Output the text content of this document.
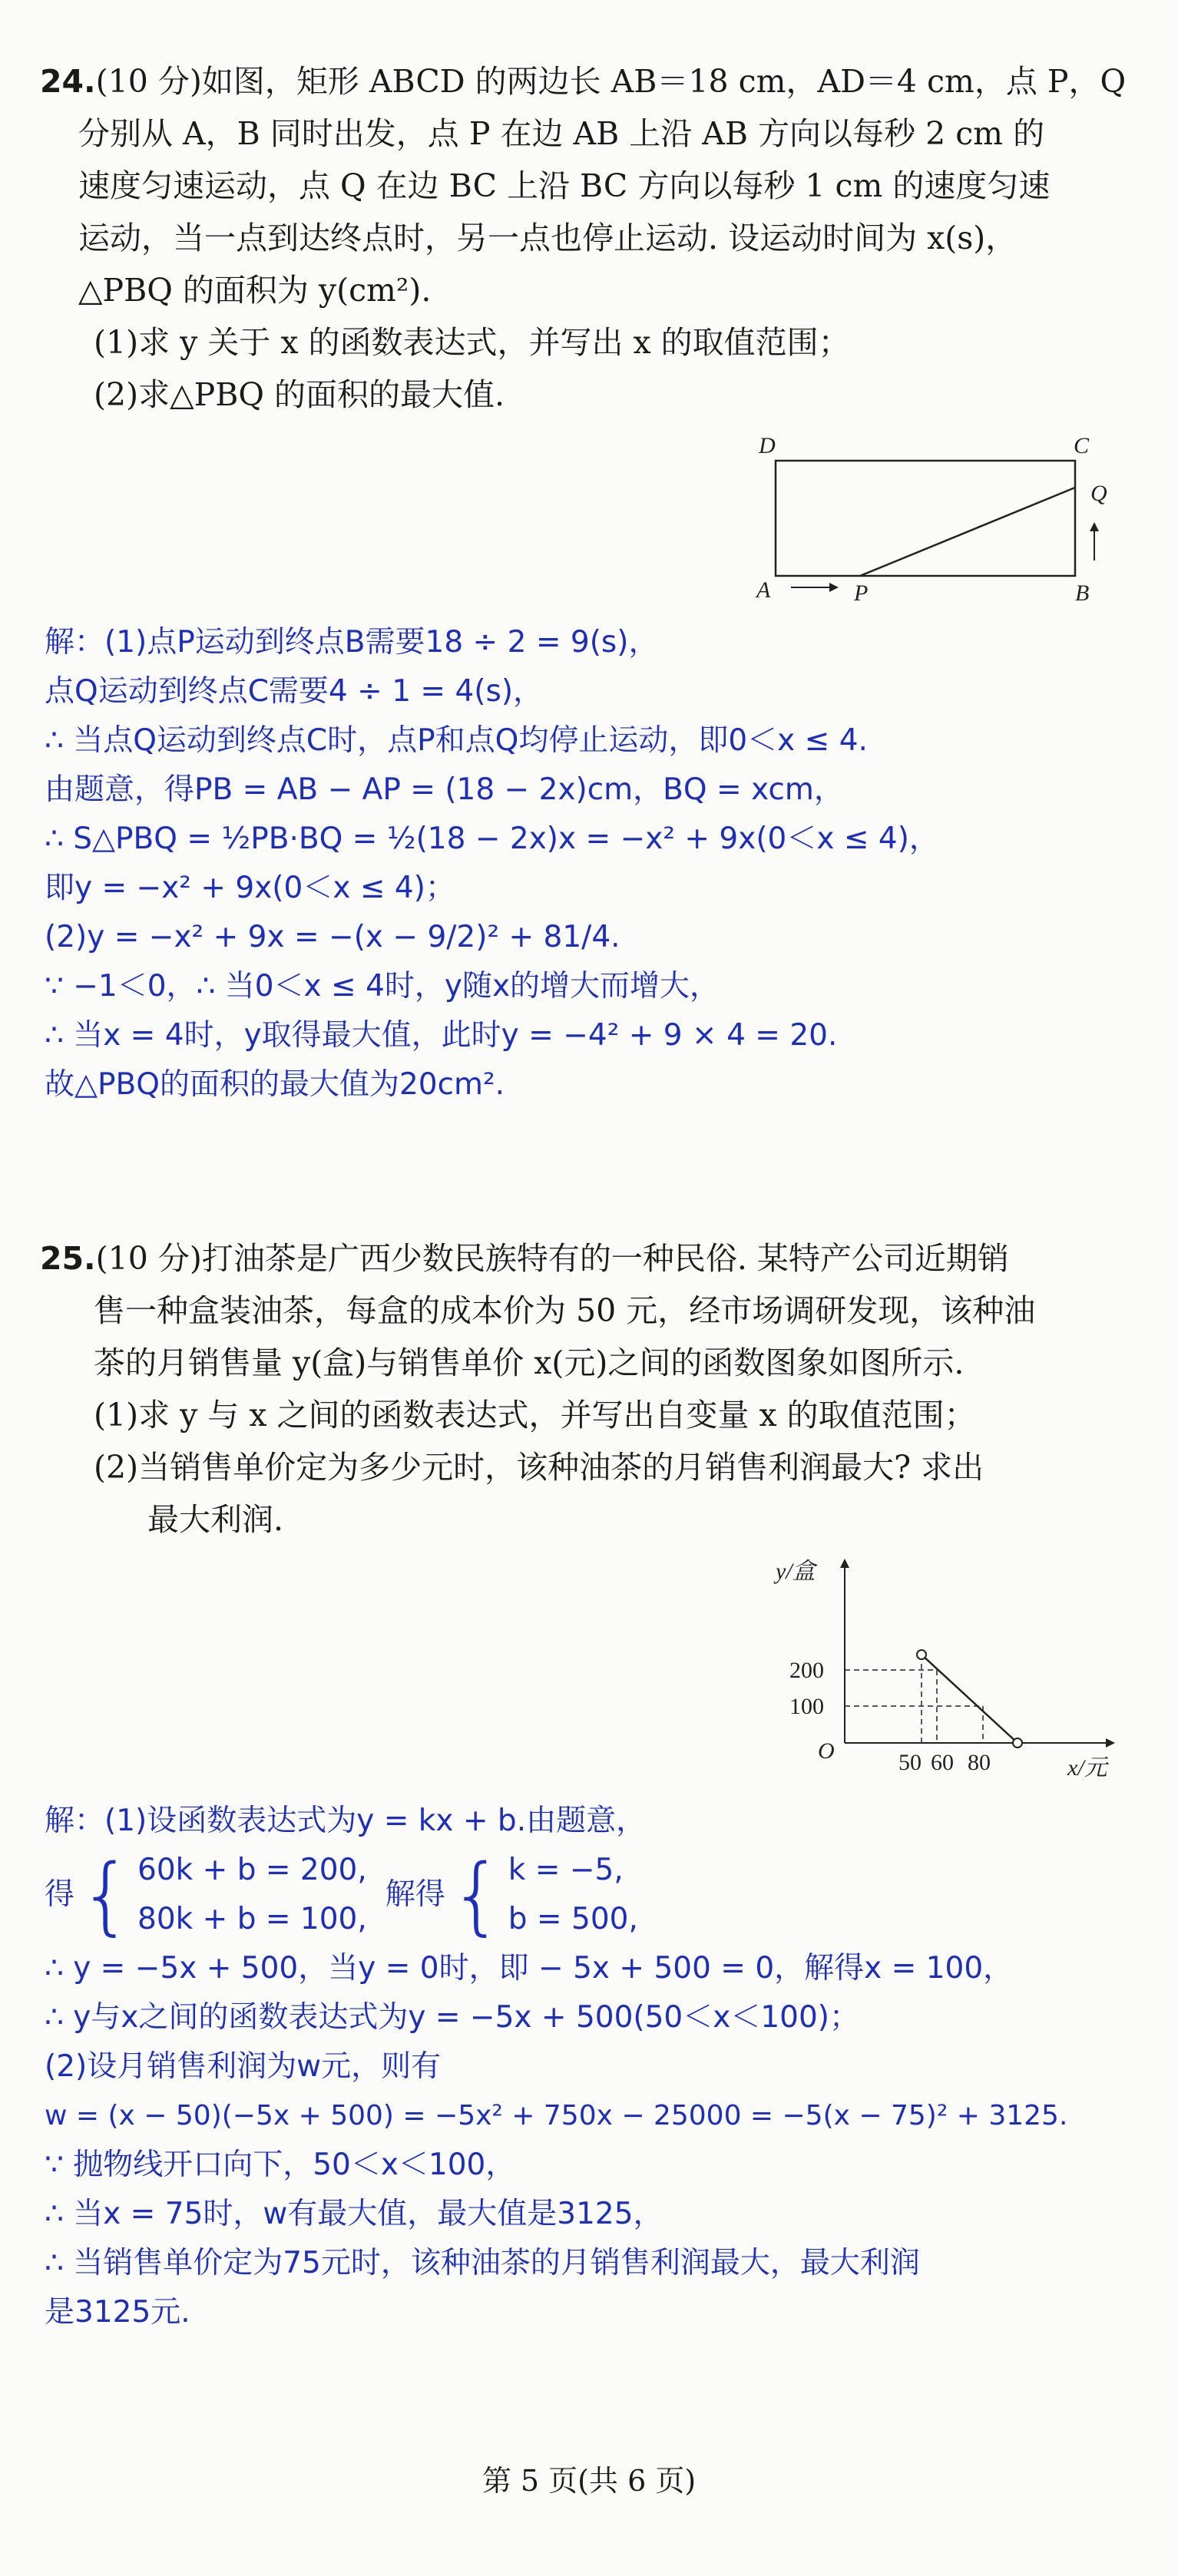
24.(10 分)如图，矩形 ABCD 的两边长 AB＝18 cm，AD＝4 cm，点 P，Q
分别从 A，B 同时出发，点 P 在边 AB 上沿 AB 方向以每秒 2 cm 的
速度匀速运动，点 Q 在边 BC 上沿 BC 方向以每秒 1 cm 的速度匀速
运动，当一点到达终点时，另一点也停止运动. 设运动时间为 x(s)，
△PBQ 的面积为 y(cm²).
(1)求 y 关于 x 的函数表达式，并写出 x 的取值范围；
(2)求△PBQ 的面积的最大值.
D	C
Q
A	P	B
解：(1)点P运动到终点B需要18 ÷ 2 = 9(s)，
点Q运动到终点C需要4 ÷ 1 = 4(s)，
∴ 当点Q运动到终点C时，点P和点Q均停止运动，即0＜x ≤ 4.
由题意，得PB = AB − AP = (18 − 2x)cm，BQ = xcm，
∴ S△PBQ = ½PB·BQ = ½(18 − 2x)x = −x² + 9x(0＜x ≤ 4)，
即y = −x² + 9x(0＜x ≤ 4)；
(2)y = −x² + 9x = −(x − 9/2)² + 81/4.
∵ −1＜0，∴ 当0＜x ≤ 4时，y随x的增大而增大，
∴ 当x = 4时，y取得最大值，此时y = −4² + 9 × 4 = 20.
故△PBQ的面积的最大值为20cm².
25.(10 分)打油茶是广西少数民族特有的一种民俗. 某特产公司近期销
售一种盒装油茶，每盒的成本价为 50 元，经市场调研发现，该种油
茶的月销售量 y(盒)与销售单价 x(元)之间的函数图象如图所示.
(1)求 y 与 x 之间的函数表达式，并写出自变量 x 的取值范围；
(2)当销售单价定为多少元时，该种油茶的月销售利润最大? 求出
最大利润.
y/盒
x/元
O
200
100
50 60 80
解：(1)设函数表达式为y = kx + b.由题意，
得 { 60k + b = 200,
80k + b = 100,
解得 { k = −5,
b = 500,
∴ y = −5x + 500，当y = 0时，即 − 5x + 500 = 0，解得x = 100，
∴ y与x之间的函数表达式为y = −5x + 500(50＜x＜100)；
(2)设月销售利润为w元，则有
w = (x − 50)(−5x + 500) = −5x² + 750x − 25000 = −5(x − 75)² + 3125.
∵ 抛物线开口向下，50＜x＜100，
∴ 当x = 75时，w有最大值，最大值是3125，
∴ 当销售单价定为75元时，该种油茶的月销售利润最大，最大利润
是3125元.
第 5 页(共 6 页)
